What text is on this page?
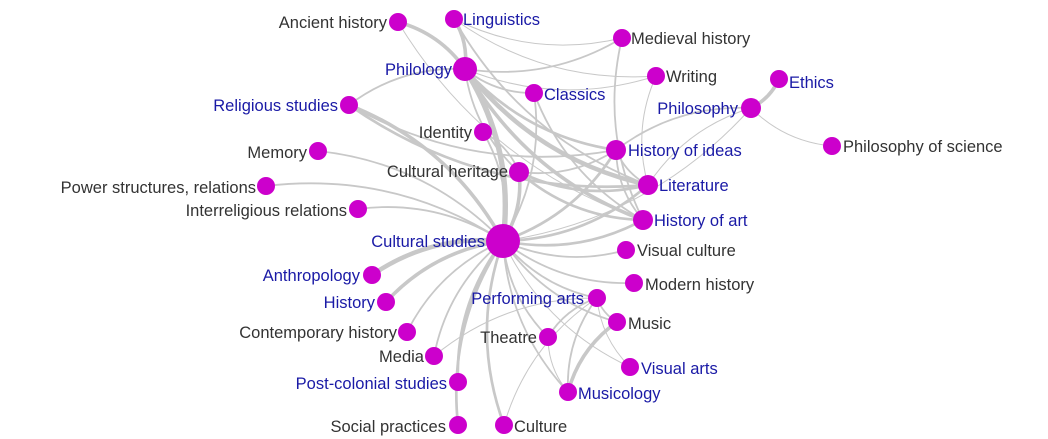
Ancient history	Linguistics
Medieval history
Philology	Writing	Ethics
Classics
Religious studies	Philosophy
Identity
Philosophy of science
Memory	History of ideas
Cultural heritage
Power structures, relations	Literature
Interreligious relations
History of art
Cultural studies	Visual culture
Anthropology	Modern history
History	Performing arts
Contemporary history	Music
Theatre
Media
Visual arts
Post-colonial studies
Musicology
Social practices	Culture
